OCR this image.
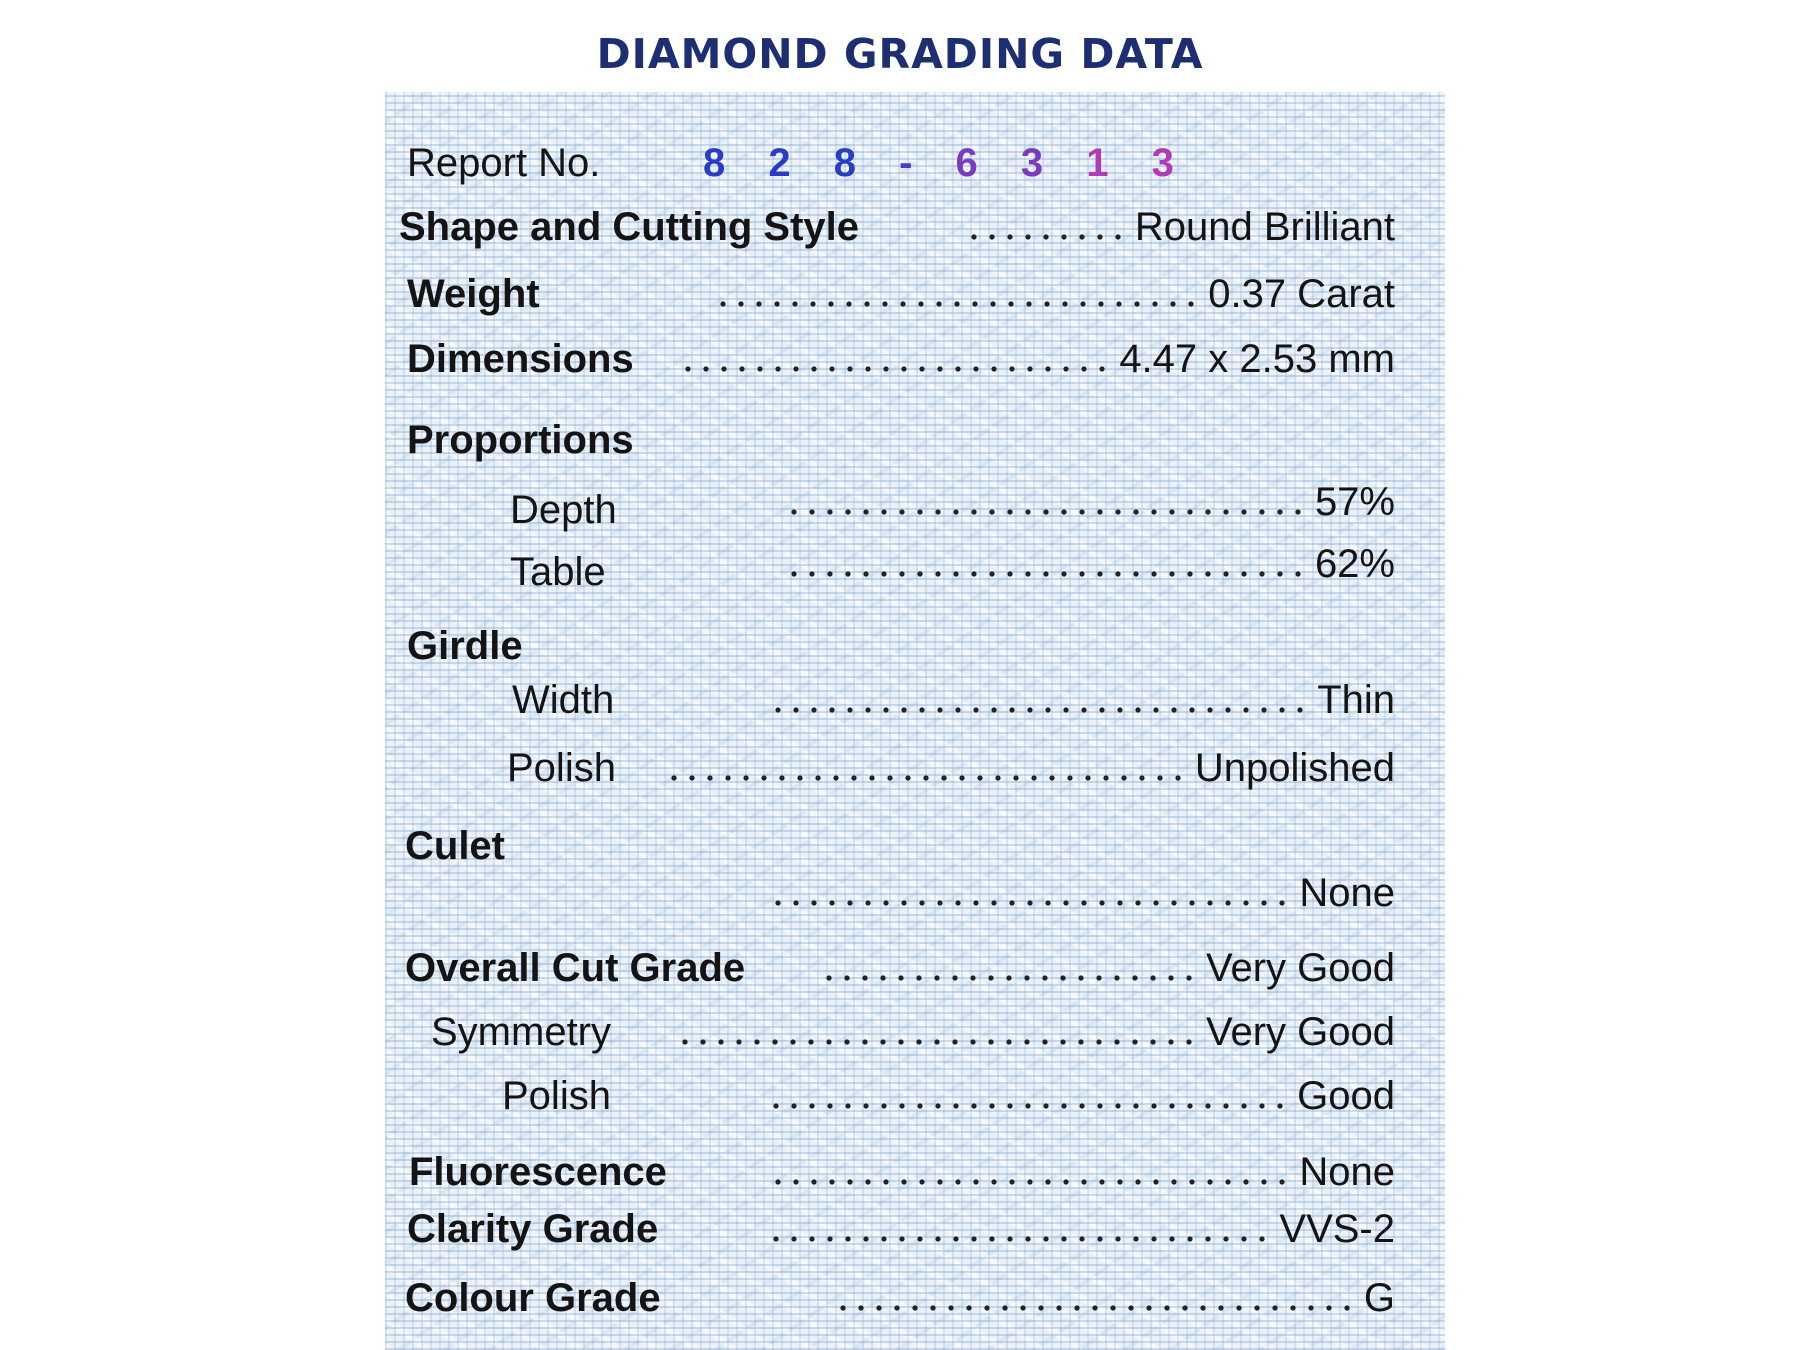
DIAMOND GRADING DATA
Report No.	8 2 8 - 6 3 1 3
Shape and Cutting Style	Round Brilliant
Weight	0.37 Carat
Dimensions	4.47 x 2.53 mm
Proportions
Depth	57%
Table	62%
Girdle
Width	Thin
Polish	Unpolished
Culet
None
Overall Cut Grade	Very Good
Symmetry	Very Good
Polish	Good
Fluorescence	None
Clarity Grade	VVS-2
Colour Grade	G
